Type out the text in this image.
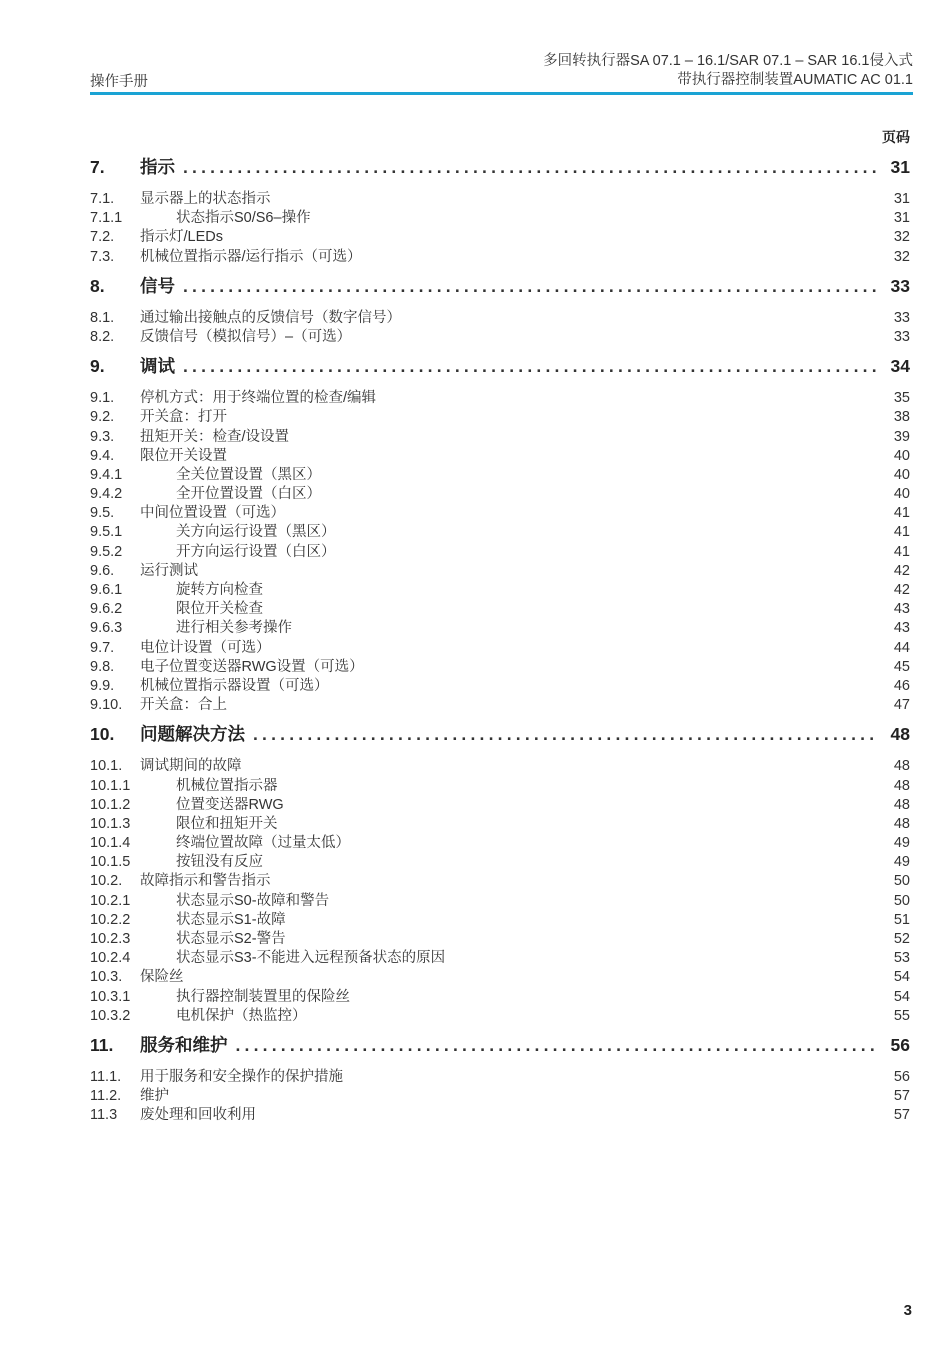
操作手册
多回转执行器SA 07.1 – 16.1/SAR 07.1 – SAR 16.1侵入式
带执行器控制装置AUMATIC AC 01.1
页码
7.	指示 .....	31
7.1.	显示器上的状态指示	31
7.1.1	状态指示S0/S6–操作	31
7.2.	指示灯/LEDs	32
7.3.	机械位置指示器/运行指示（可选）	32
8.	信号 .....	33
8.1.	通过输出接触点的反馈信号（数字信号）	33
8.2.	反馈信号（模拟信号）–（可选）	33
9.	调试 .....	34
9.1.	停机方式：用于终端位置的检查/编辑	35
9.2.	开关盒：打开	38
9.3.	扭矩开关：检查/设设置	39
9.4.	限位开关设置	40
9.4.1	全关位置设置（黑区）	40
9.4.2	全开位置设置（白区）	40
9.5.	中间位置设置（可选）	41
9.5.1	关方向运行设置（黑区）	41
9.5.2	开方向运行设置（白区）	41
9.6.	运行测试	42
9.6.1	旋转方向检查	42
9.6.2	限位开关检查	43
9.6.3	进行相关参考操作	43
9.7.	电位计设置（可选）	44
9.8.	电子位置变送器RWG设置（可选）	45
9.9.	机械位置指示器设置（可选）	46
9.10.	开关盒：合上	47
10.	问题解决方法 .....	48
10.1.	调试期间的故障	48
10.1.1	机械位置指示器	48
10.1.2	位置变送器RWG	48
10.1.3	限位和扭矩开关	48
10.1.4	终端位置故障（过量太低）	49
10.1.5	按钮没有反应	49
10.2.	故障指示和警告指示	50
10.2.1	状态显示S0-故障和警告	50
10.2.2	状态显示S1-故障	51
10.2.3	状态显示S2-警告	52
10.2.4	状态显示S3-不能进入远程预备状态的原因	53
10.3.	保险丝	54
10.3.1	执行器控制装置里的保险丝	54
10.3.2	电机保护（热监控）	55
11.	服务和维护 .....	56
11.1.	用于服务和安全操作的保护措施	56
11.2.	维护	57
11.3	废处理和回收利用	57
3
